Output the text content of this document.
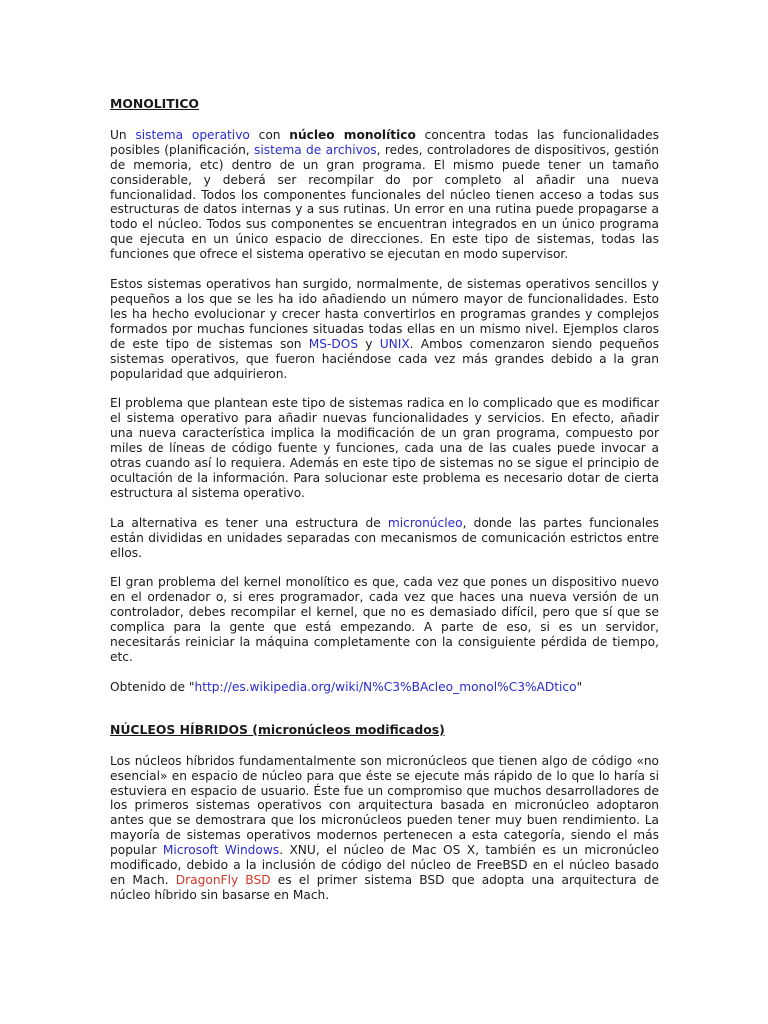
MONOLITICO

Un sistema operativo con núcleo monolítico concentra todas las funcionalidades posibles (planificación, sistema de archivos, redes, controladores de dispositivos, gestión de memoria, etc) dentro de un gran programa. El mismo puede tener un tamaño considerable, y deberá ser recompilar do por completo al añadir una nueva funcionalidad. Todos los componentes funcionales del núcleo tienen acceso a todas sus estructuras de datos internas y a sus rutinas. Un error en una rutina puede propagarse a todo el núcleo. Todos sus componentes se encuentran integrados en un único programa que ejecuta en un único espacio de direcciones. En este tipo de sistemas, todas las funciones que ofrece el sistema operativo se ejecutan en modo supervisor.

Estos sistemas operativos han surgido, normalmente, de sistemas operativos sencillos y pequeños a los que se les ha ido añadiendo un número mayor de funcionalidades. Esto les ha hecho evolucionar y crecer hasta convertirlos en programas grandes y complejos formados por muchas funciones situadas todas ellas en un mismo nivel. Ejemplos claros de este tipo de sistemas son MS-DOS y UNIX. Ambos comenzaron siendo pequeños sistemas operativos, que fueron haciéndose cada vez más grandes debido a la gran popularidad que adquirieron.

El problema que plantean este tipo de sistemas radica en lo complicado que es modificar el sistema operativo para añadir nuevas funcionalidades y servicios. En efecto, añadir una nueva característica implica la modificación de un gran programa, compuesto por miles de líneas de código fuente y funciones, cada una de las cuales puede invocar a otras cuando así lo requiera. Además en este tipo de sistemas no se sigue el principio de ocultación de la información. Para solucionar este problema es necesario dotar de cierta estructura al sistema operativo.

La alternativa es tener una estructura de micronúcleo, donde las partes funcionales están divididas en unidades separadas con mecanismos de comunicación estrictos entre ellos.

El gran problema del kernel monolítico es que, cada vez que pones un dispositivo nuevo en el ordenador o, si eres programador, cada vez que haces una nueva versión de un controlador, debes recompilar el kernel, que no es demasiado difícil, pero que sí que se complica para la gente que está empezando. A parte de eso, si es un servidor, necesitarás reiniciar la máquina completamente con la consiguiente pérdida de tiempo, etc.

Obtenido de "http://es.wikipedia.org/wiki/N%C3%BAcleo_monol%C3%ADtico"

NÚCLEOS HÍBRIDOS (micronúcleos modificados)

Los núcleos híbridos fundamentalmente son micronúcleos que tienen algo de código «no esencial» en espacio de núcleo para que éste se ejecute más rápido de lo que lo haría si estuviera en espacio de usuario. Éste fue un compromiso que muchos desarrolladores de los primeros sistemas operativos con arquitectura basada en micronúcleo adoptaron antes que se demostrara que los micronúcleos pueden tener muy buen rendimiento. La mayoría de sistemas operativos modernos pertenecen a esta categoría, siendo el más popular Microsoft Windows. XNU, el núcleo de Mac OS X, también es un micronúcleo modificado, debido a la inclusión de código del núcleo de FreeBSD en el núcleo basado en Mach. DragonFly BSD es el primer sistema BSD que adopta una arquitectura de núcleo híbrido sin basarse en Mach.
